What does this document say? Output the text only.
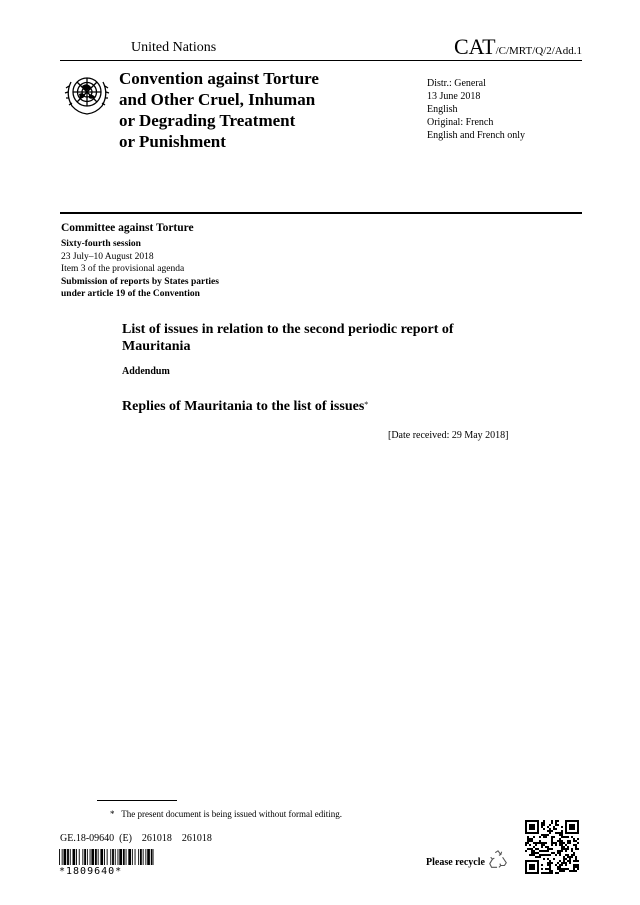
United Nations	CAT/C/MRT/Q/2/Add.1
Convention against Torture
and Other Cruel, Inhuman
or Degrading Treatment
or Punishment
Distr.: General
13 June 2018
English
Original: French
English and French only
Committee against Torture
Sixty-fourth session
23 July–10 August 2018
Item 3 of the provisional agenda
Submission of reports by States parties
under article 19 of the Convention
List of issues in relation to the second periodic report of
Mauritania
Addendum
Replies of Mauritania to the list of issues*
[Date received: 29 May 2018]
* The present document is being issued without formal editing.
GE.18-09640  (E)    261018    261018
*1809640*
Please recycle
